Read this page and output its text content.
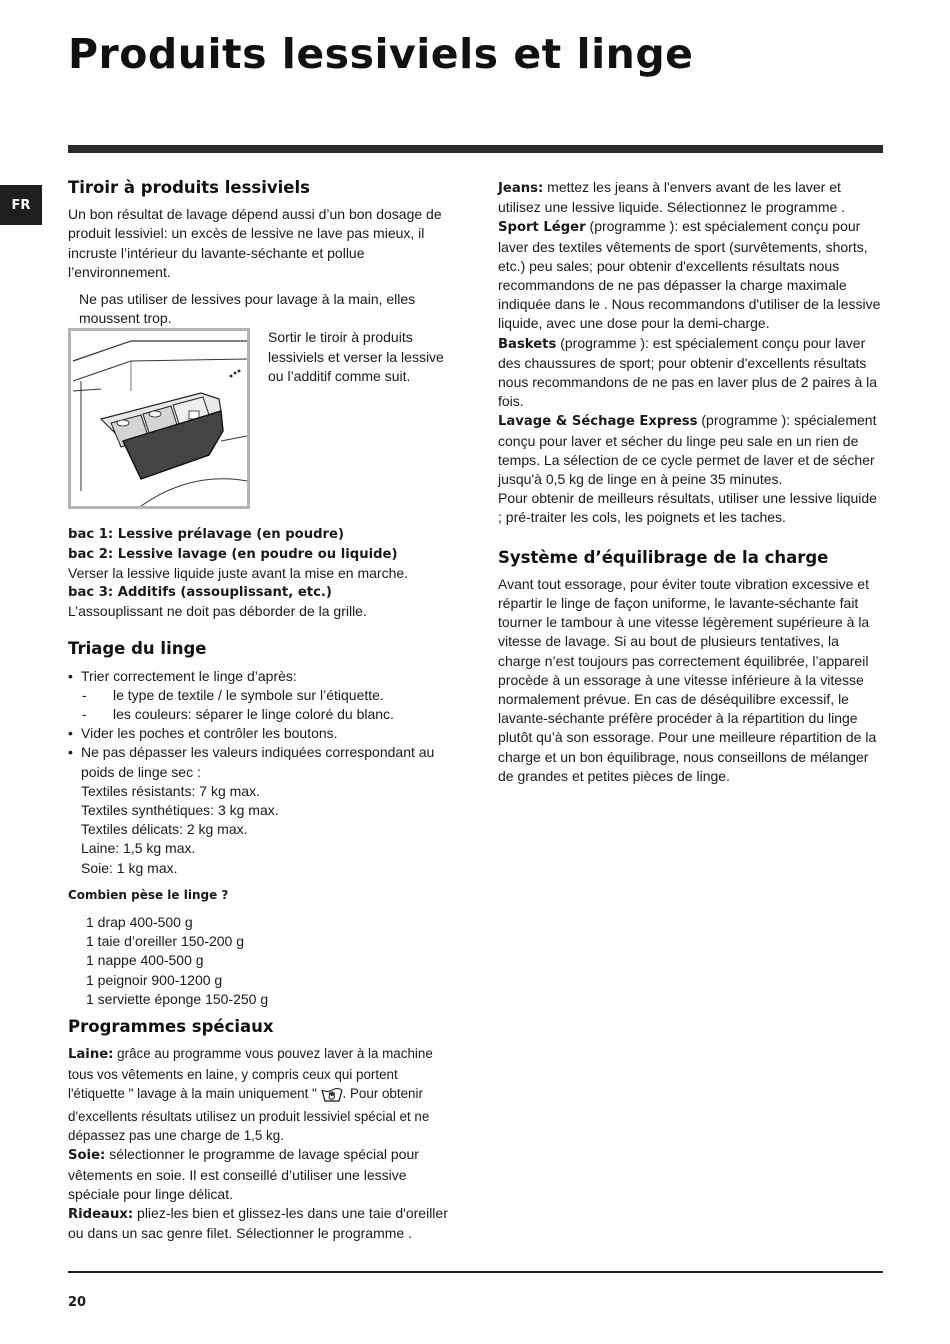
Produits lessiviels et linge
FR
Tiroir à produits lessiviels

Un bon résultat de lavage dépend aussi d’un bon dosage de produit lessiviel: un excès de lessive ne lave pas mieux, il incruste l’intérieur du lavante-séchante et pollue l’environnement.

Ne pas utiliser de lessives pour lavage à la main, elles moussent trop.

Sortir le tiroir à produits lessiviels et verser la lessive ou l’additif comme suit.

bac 1: Lessive prélavage (en poudre)

bac 2: Lessive lavage (en poudre ou liquide)

Verser la lessive liquide juste avant la mise en marche.

bac 3: Additifs (assouplissant, etc.)

L’assouplissant ne doit pas déborder de la grille.

Triage du linge
• Trier correctement le linge d’après:
- le type de textile / le symbole sur l’étiquette.
- les couleurs: séparer le linge coloré du blanc.
• Vider les poches et contrôler les boutons.
• Ne pas dépasser les valeurs indiquées correspondant au poids de linge sec :
Textiles résistants: 7 kg max.
Textiles synthétiques: 3 kg max.
Textiles délicats: 2 kg max.
Laine: 1,5 kg max.
Soie: 1 kg max.

Combien pèse le linge ?

1 drap 400-500 g
1 taie d’oreiller 150-200 g
1 nappe 400-500 g
1 peignoir 900-1200 g
1 serviette éponge 150-250 g
Programmes spéciaux

Laine: grâce au programme vous pouvez laver à la machine tous vos vêtements en laine, y compris ceux qui portent l'étiquette " lavage à la main uniquement " . Pour obtenir d'excellents résultats utilisez un produit lessiviel spécial et ne dépassez pas une charge de 1,5 kg.

Soie: sélectionner le programme de lavage spécial pour vêtements en soie. Il est conseillé d’utiliser une lessive spéciale pour linge délicat.

Rideaux: pliez-les bien et glissez-les dans une taie d'oreiller ou dans un sac genre filet. Sélectionner le programme .

Jeans: mettez les jeans à l'envers avant de les laver et utilisez une lessive liquide. Sélectionnez le programme .

Sport Léger (programme ): est spécialement conçu pour laver des textiles vêtements de sport (survêtements, shorts, etc.) peu sales; pour obtenir d'excellents résultats nous recommandons de ne pas dépasser la charge maximale indiquée dans le . Nous recommandons d'utiliser de la lessive liquide, avec une dose pour la demi-charge.

Baskets (programme ): est spécialement conçu pour laver des chaussures de sport; pour obtenir d'excellents résultats nous recommandons de ne pas en laver plus de 2 paires à la fois.

Lavage & Séchage Express (programme ): spécialement conçu pour laver et sécher du linge peu sale en un rien de temps. La sélection de ce cycle permet de laver et de sécher jusqu'à 0,5 kg de linge en à peine 35 minutes.

Pour obtenir de meilleurs résultats, utiliser une lessive liquide ; pré-traiter les cols, les poignets et les taches.

Système d’équilibrage de la charge

Avant tout essorage, pour éviter toute vibration excessive et répartir le linge de façon uniforme, le lavante-séchante fait tourner le tambour à une vitesse légèrement supérieure à la vitesse de lavage. Si au bout de plusieurs tentatives, la charge n’est toujours pas correctement équilibrée, l’appareil procède à un essorage à une vitesse inférieure à la vitesse normalement prévue. En cas de déséquilibre excessif, le lavante-séchante préfère procéder à la répartition du linge plutôt qu’à son essorage. Pour une meilleure répartition de la charge et un bon équilibrage, nous conseillons de mélanger de grandes et petites pièces de linge.

20
